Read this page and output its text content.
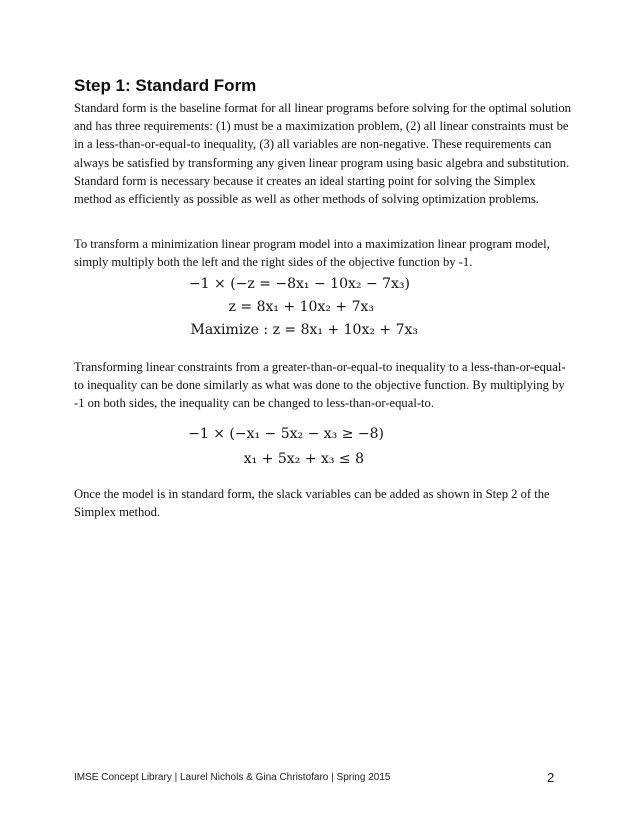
Step 1: Standard Form

Standard form is the baseline format for all linear programs before solving for the optimal solution and has three requirements: (1) must be a maximization problem, (2) all linear constraints must be in a less-than-or-equal-to inequality, (3) all variables are non-negative. These requirements can always be satisfied by transforming any given linear program using basic algebra and substitution. Standard form is necessary because it creates an ideal starting point for solving the Simplex method as efficiently as possible as well as other methods of solving optimization problems.

To transform a minimization linear program model into a maximization linear program model, simply multiply both the left and the right sides of the objective function by -1.

−1 × (−z = −8x₁ − 10x₂ − 7x₃)
z = 8x₁ + 10x₂ + 7x₃
Maximize : z = 8x₁ + 10x₂ + 7x₃

Transforming linear constraints from a greater-than-or-equal-to inequality to a less-than-or-equal-to inequality can be done similarly as what was done to the objective function. By multiplying by -1 on both sides, the inequality can be changed to less-than-or-equal-to.

−1 × (−x₁ − 5x₂ − x₃ ≥ −8)
x₁ + 5x₂ + x₃ ≤ 8

Once the model is in standard form, the slack variables can be added as shown in Step 2 of the Simplex method.

IMSE Concept Library | Laurel Nichols & Gina Christofaro | Spring 2015	2
